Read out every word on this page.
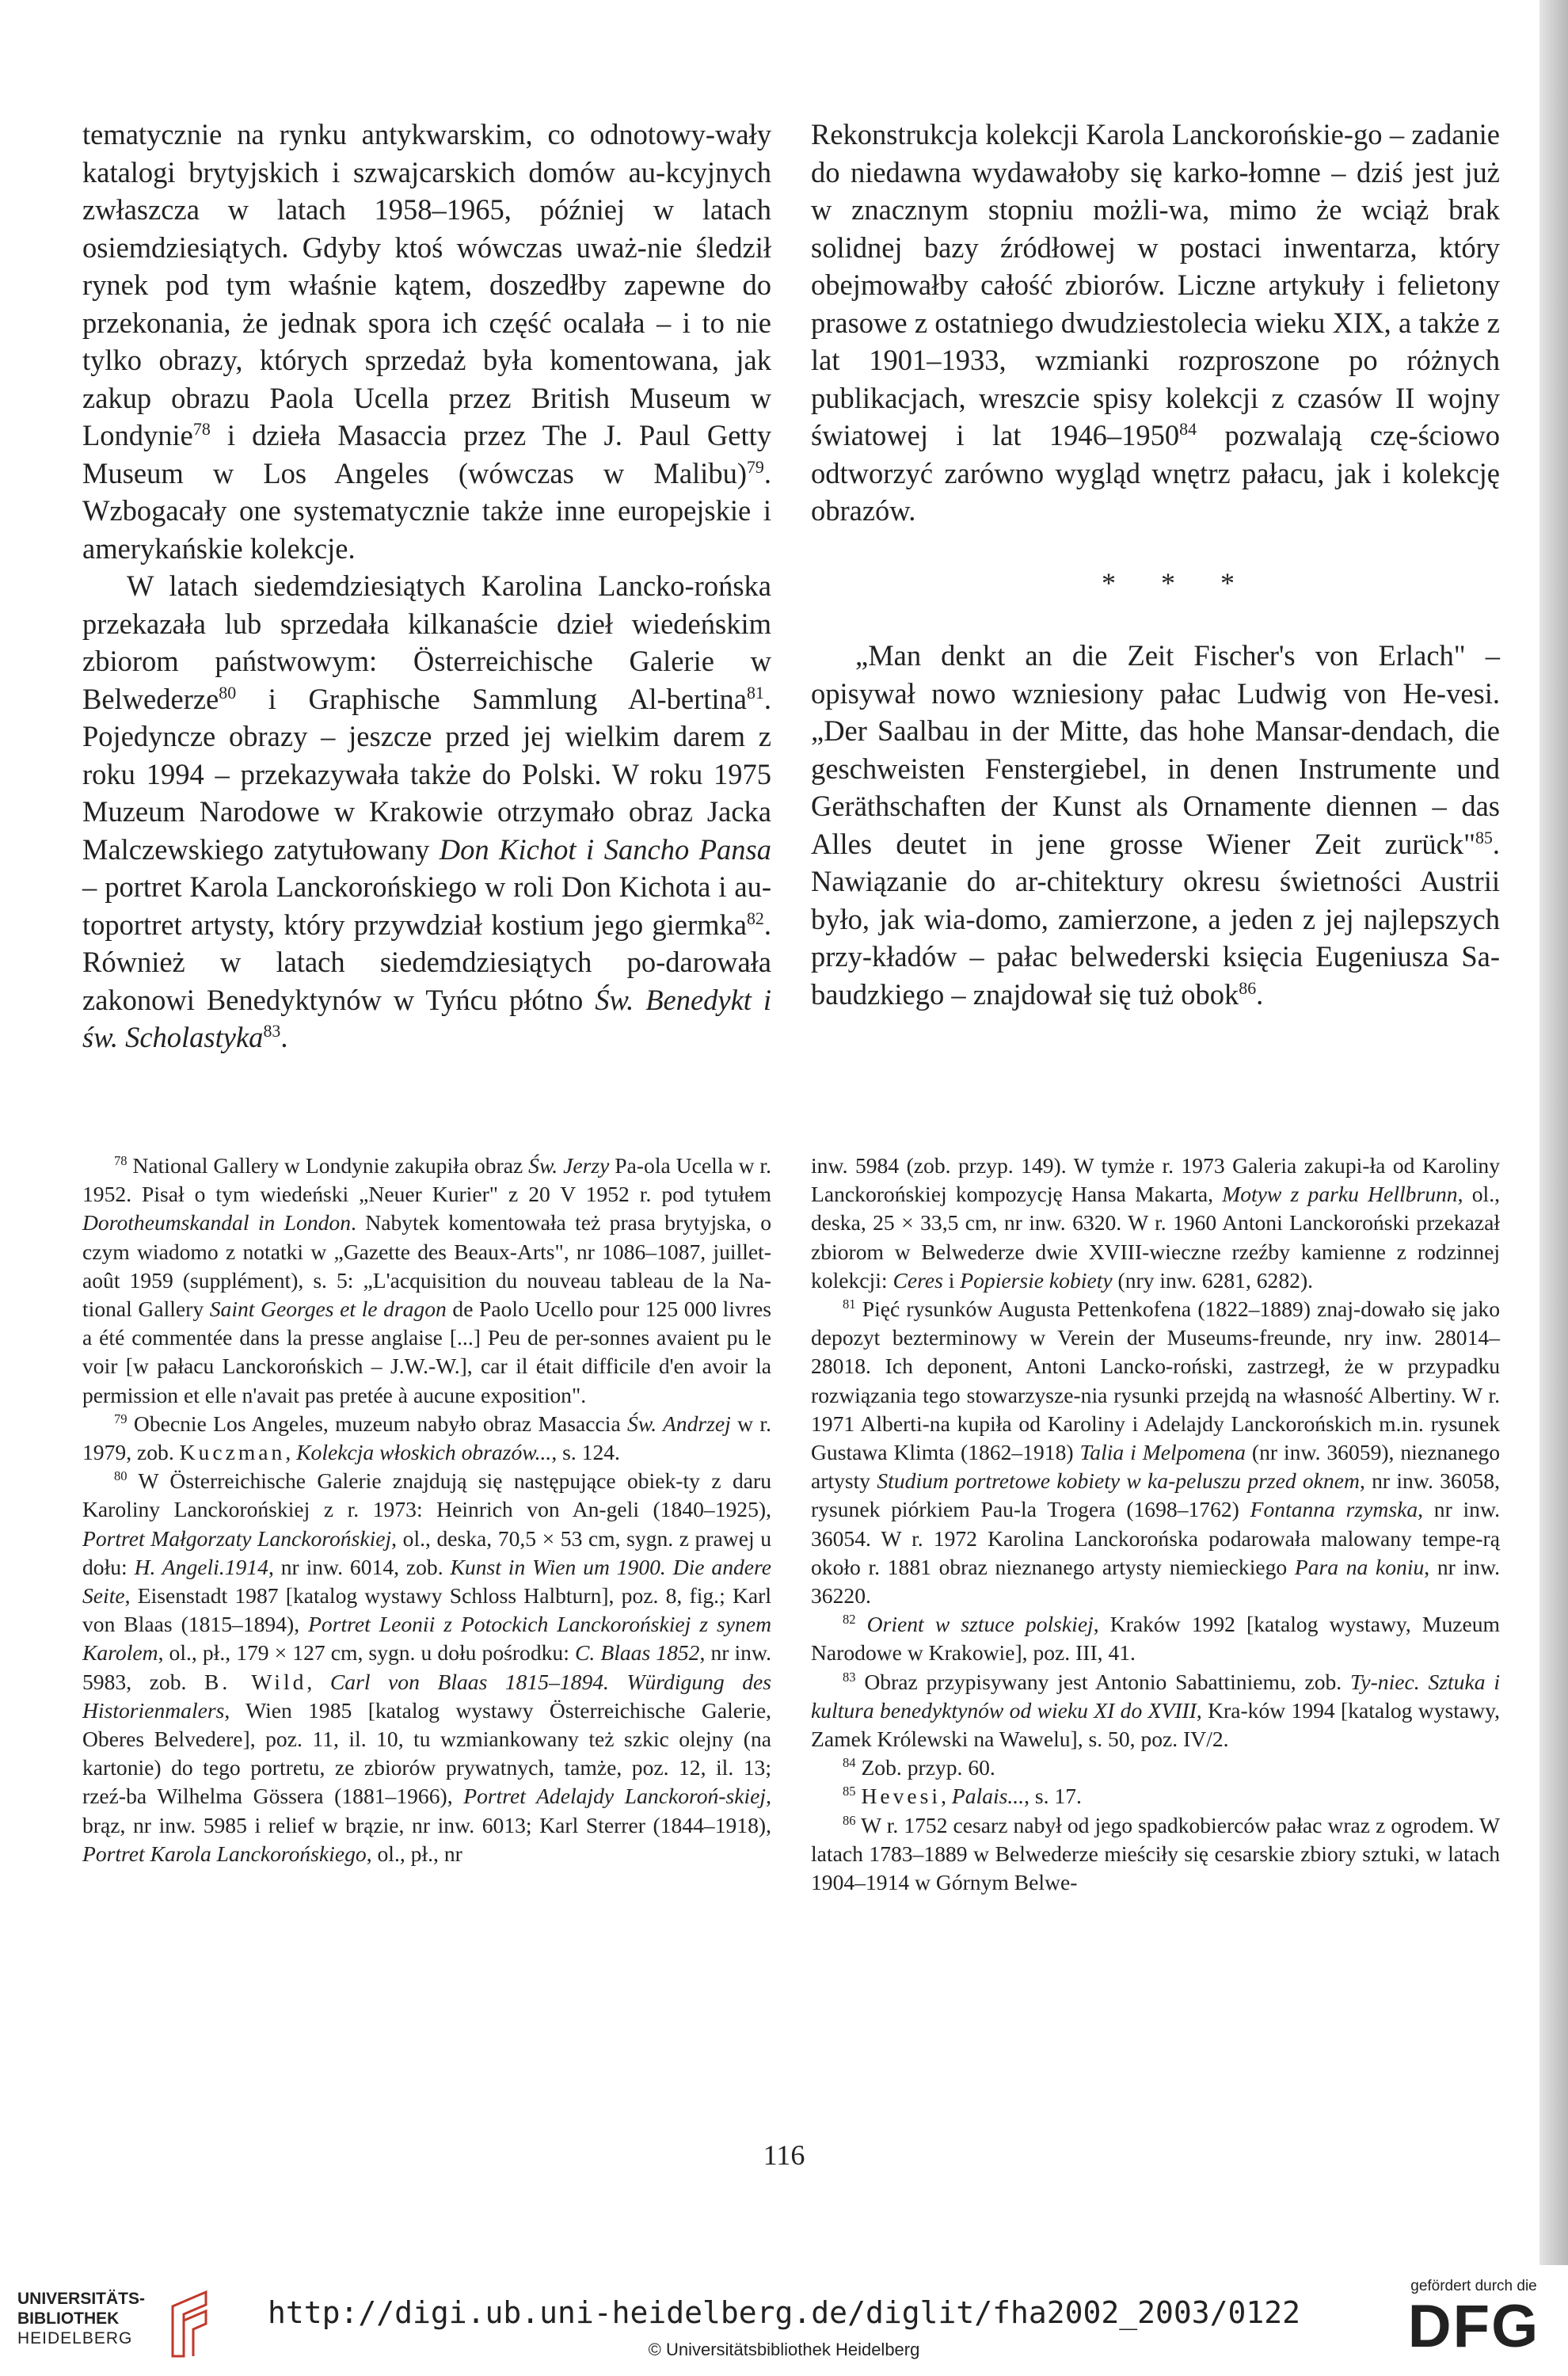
tematycznie na rynku antykwarskim, co odnotowy-wały katalogi brytyjskich i szwajcarskich domów au-kcyjnych zwłaszcza w latach 1958–1965, później w latach osiemdziesiątych. Gdyby ktoś wówczas uważ-nie śledził rynek pod tym właśnie kątem, doszedłby zapewne do przekonania, że jednak spora ich część ocalała – i to nie tylko obrazy, których sprzedaż była komentowana, jak zakup obrazu Paola Ucella przez British Museum w Londynie$^{78}$ i dzieła Masaccia przez The J. Paul Getty Museum w Los Angeles (wówczas w Malibu)$^{79}$. Wzbogacały one systematycznie także inne europejskie i amerykańskie kolekcje.

W latach siedemdziesiątych Karolina Lancko-rońska przekazała lub sprzedała kilkanaście dzieł wiedeńskim zbiorom państwowym: Österreichische Galerie w Belwederze$^{80}$ i Graphische Sammlung Al-bertina$^{81}$. Pojedyncze obrazy – jeszcze przed jej wielkim darem z roku 1994 – przekazywała także do Polski. W roku 1975 Muzeum Narodowe w Krakowie otrzymało obraz Jacka Malczewskiego zatytułowany Don Kichot i Sancho Pansa – portret Karola Lanckorońskiego w roli Don Kichota i au-toportret artysty, który przywdział kostium jego giermka$^{82}$. Również w latach siedemdziesiątych po-darowała zakonowi Benedyktynów w Tyńcu płótno Św. Benedykt i św. Scholastyka$^{83}$.

Rekonstrukcja kolekcji Karola Lanckorońskie-go – zadanie do niedawna wydawałoby się karko-łomne – dziś jest już w znacznym stopniu możli-wa, mimo że wciąż brak solidnej bazy źródłowej w postaci inwentarza, który obejmowałby całość zbiorów. Liczne artykuły i felietony prasowe z ostatniego dwudziestolecia wieku XIX, a także z lat 1901–1933, wzmianki rozproszone po różnych publikacjach, wreszcie spisy kolekcji z czasów II wojny światowej i lat 1946–1950$^{84}$ pozwalają czę-ściowo odtworzyć zarówno wygląd wnętrz pałacu, jak i kolekcję obrazów.

* * *

„Man denkt an die Zeit Fischer's von Erlach" – opisywał nowo wzniesiony pałac Ludwig von He-vesi. „Der Saalbau in der Mitte, das hohe Mansar-dendach, die geschweisten Fenstergiebel, in denen Instrumente und Geräthschaften der Kunst als Ornamente diennen – das Alles deutet in jene grosse Wiener Zeit zurück"$^{85}$. Nawiązanie do ar-chitektury okresu świetności Austrii było, jak wia-domo, zamierzone, a jeden z jej najlepszych przy-kładów – pałac belwederski księcia Eugeniusza Sa-baudzkiego – znajdował się tuż obok$^{86}$.

$^{78}$ National Gallery w Londynie zakupiła obraz Św. Jerzy Pa-ola Ucella w r. 1952. Pisał o tym wiedeński „Neuer Kurier" z 20 V 1952 r. pod tytułem Dorotheumskandal in London. Nabytek komentowała też prasa brytyjska, o czym wiadomo z notatki w „Gazette des Beaux-Arts", nr 1086–1087, juillet-août 1959 (supplément), s. 5: „L'acquisition du nouveau tableau de la Na-tional Gallery Saint Georges et le dragon de Paolo Ucello pour 125 000 livres a été commentée dans la presse anglaise [...] Peu de per-sonnes avaient pu le voir [w pałacu Lanckorońskich – J.W.-W.], car il était difficile d'en avoir la permission et elle n'avait pas pretée à aucune exposition".

$^{79}$ Obecnie Los Angeles, muzeum nabyło obraz Masaccia Św. Andrzej w r. 1979, zob. Kuczman, Kolekcja włoskich obrazów..., s. 124.

$^{80}$ W Österreichische Galerie znajdują się następujące obiek-ty z daru Karoliny Lanckorońskiej z r. 1973: Heinrich von An-geli (1840–1925), Portret Małgorzaty Lanckorońskiej, ol., deska, 70,5 × 53 cm, sygn. z prawej u dołu: H. Angeli.1914, nr inw. 6014, zob. Kunst in Wien um 1900. Die andere Seite, Eisenstadt 1987 [katalog wystawy Schloss Halbturn], poz. 8, fig.; Karl von Blaas (1815–1894), Portret Leonii z Potockich Lanckorońskiej z synem Karolem, ol., pł., 179 × 127 cm, sygn. u dołu pośrodku: C. Blaas 1852, nr inw. 5983, zob. B. Wild, Carl von Blaas 1815–1894. Würdigung des Historienmalers, Wien 1985 [katalog wystawy Österreichische Galerie, Oberes Belvedere], poz. 11, il. 10, tu wzmiankowany też szkic olejny (na kartonie) do tego portretu, ze zbiorów prywatnych, tamże, poz. 12, il. 13; rzeź-ba Wilhelma Gössera (1881–1966), Portret Adelajdy Lanckoroń-skiej, brąz, nr inw. 5985 i relief w brązie, nr inw. 6013; Karl Sterrer (1844–1918), Portret Karola Lanckorońskiego, ol., pł., nr

inw. 5984 (zob. przyp. 149). W tymże r. 1973 Galeria zakupi-ła od Karoliny Lanckorońskiej kompozycję Hansa Makarta, Motyw z parku Hellbrunn, ol., deska, 25 × 33,5 cm, nr inw. 6320. W r. 1960 Antoni Lanckoroński przekazał zbiorom w Belwederze dwie XVIII-wieczne rzeźby kamienne z rodzinnej kolekcji: Ceres i Popiersie kobiety (nry inw. 6281, 6282).

$^{81}$ Pięć rysunków Augusta Pettenkofena (1822–1889) znaj-dowało się jako depozyt bezterminowy w Verein der Museums-freunde, nry inw. 28014–28018. Ich deponent, Antoni Lancko-roński, zastrzegł, że w przypadku rozwiązania tego stowarzysze-nia rysunki przejdą na własność Albertiny. W r. 1971 Alberti-na kupiła od Karoliny i Adelajdy Lanckorońskich m.in. rysunek Gustawa Klimta (1862–1918) Talia i Melpomena (nr inw. 36059), nieznanego artysty Studium portretowe kobiety w ka-peluszu przed oknem, nr inw. 36058, rysunek piórkiem Pau-la Trogera (1698–1762) Fontanna rzymska, nr inw. 36054. W r. 1972 Karolina Lanckorońska podarowała malowany tempe-rą około r. 1881 obraz nieznanego artysty niemieckiego Para na koniu, nr inw. 36220.

$^{82}$ Orient w sztuce polskiej, Kraków 1992 [katalog wystawy, Muzeum Narodowe w Krakowie], poz. III, 41.

$^{83}$ Obraz przypisywany jest Antonio Sabattiniemu, zob. Ty-niec. Sztuka i kultura benedyktynów od wieku XI do XVIII, Kra-ków 1994 [katalog wystawy, Zamek Królewski na Wawelu], s. 50, poz. IV/2.

$^{84}$ Zob. przyp. 60.

$^{85}$ Hevesi, Palais..., s. 17.

$^{86}$ W r. 1752 cesarz nabył od jego spadkobierców pałac wraz z ogrodem. W latach 1783–1889 w Belwederze mieściły się cesarskie zbiory sztuki, w latach 1904–1914 w Górnym Belwe-

116
UNIVERSITÄTS-
BIBLIOTHEK
HEIDELBERG
http://digi.ub.uni-heidelberg.de/diglit/fha2002_2003/0122
© Universitätsbibliothek Heidelberg
gefördert durch die
DFG
